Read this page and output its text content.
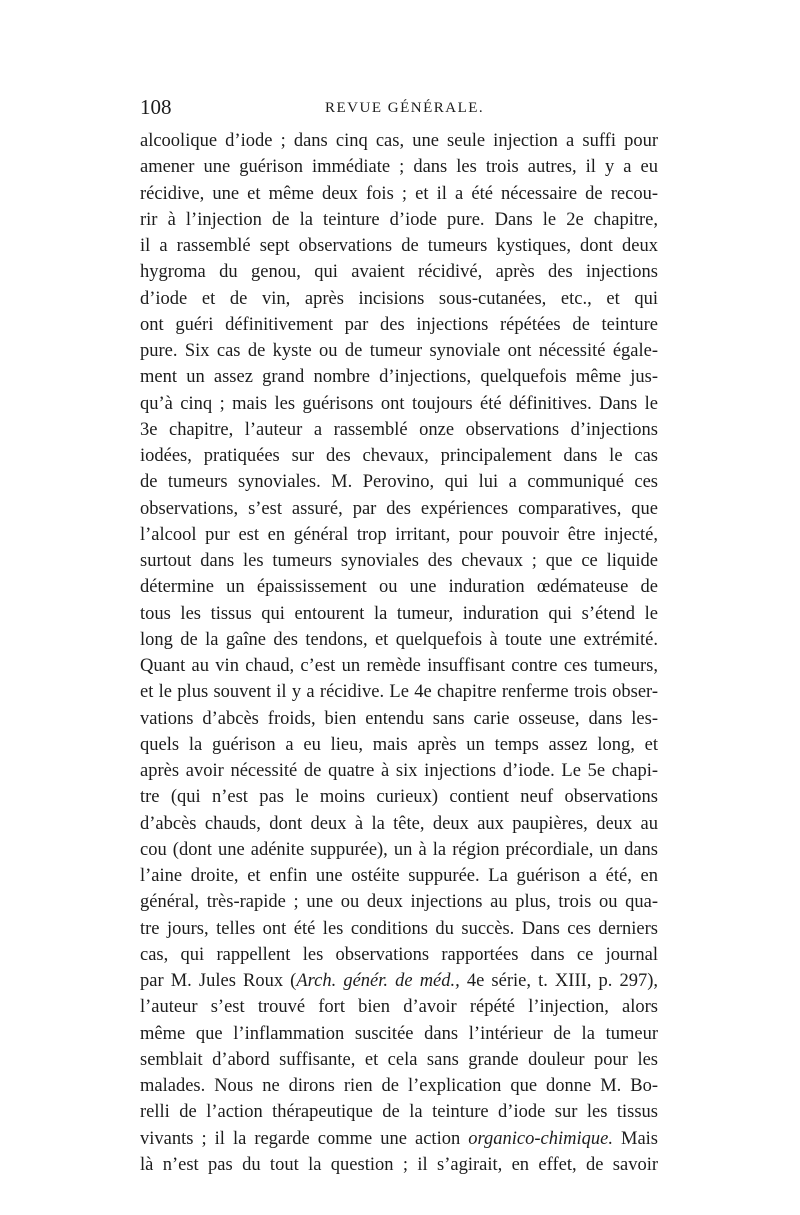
108	REVUE GÉNÉRALE.
alcoolique d’iode ; dans cinq cas, une seule injection a suffi pour
amener une guérison immédiate ; dans les trois autres, il y a eu
récidive, une et même deux fois ; et il a été nécessaire de recou-
rir à l’injection de la teinture d’iode pure. Dans le 2e chapitre,
il a rassemblé sept observations de tumeurs kystiques, dont deux
hygroma du genou, qui avaient récidivé, après des injections
d’iode et de vin, après incisions sous-cutanées, etc., et qui
ont guéri définitivement par des injections répétées de teinture
pure. Six cas de kyste ou de tumeur synoviale ont nécessité égale-
ment un assez grand nombre d’injections, quelquefois même jus-
qu’à cinq ; mais les guérisons ont toujours été définitives. Dans le
3e chapitre, l’auteur a rassemblé onze observations d’injections
iodées, pratiquées sur des chevaux, principalement dans le cas
de tumeurs synoviales. M. Perovino, qui lui a communiqué ces
observations, s’est assuré, par des expériences comparatives, que
l’alcool pur est en général trop irritant, pour pouvoir être injecté,
surtout dans les tumeurs synoviales des chevaux ; que ce liquide
détermine un épaississement ou une induration œdémateuse de
tous les tissus qui entourent la tumeur, induration qui s’étend le
long de la gaîne des tendons, et quelquefois à toute une extrémité.
Quant au vin chaud, c’est un remède insuffisant contre ces tumeurs,
et le plus souvent il y a récidive. Le 4e chapitre renferme trois obser-
vations d’abcès froids, bien entendu sans carie osseuse, dans les-
quels la guérison a eu lieu, mais après un temps assez long, et
après avoir nécessité de quatre à six injections d’iode. Le 5e chapi-
tre (qui n’est pas le moins curieux) contient neuf observations
d’abcès chauds, dont deux à la tête, deux aux paupières, deux au
cou (dont une adénite suppurée), un à la région précordiale, un dans
l’aine droite, et enfin une ostéite suppurée. La guérison a été, en
général, très-rapide ; une ou deux injections au plus, trois ou qua-
tre jours, telles ont été les conditions du succès. Dans ces derniers
cas, qui rappellent les observations rapportées dans ce journal
par M. Jules Roux (Arch. génér. de méd., 4e série, t. XIII, p. 297),
l’auteur s’est trouvé fort bien d’avoir répété l’injection, alors
même que l’inflammation suscitée dans l’intérieur de la tumeur
semblait d’abord suffisante, et cela sans grande douleur pour les
malades. Nous ne dirons rien de l’explication que donne M. Bo-
relli de l’action thérapeutique de la teinture d’iode sur les tissus
vivants ; il la regarde comme une action organico-chimique. Mais
là n’est pas du tout la question ; il s’agirait, en effet, de savoir
